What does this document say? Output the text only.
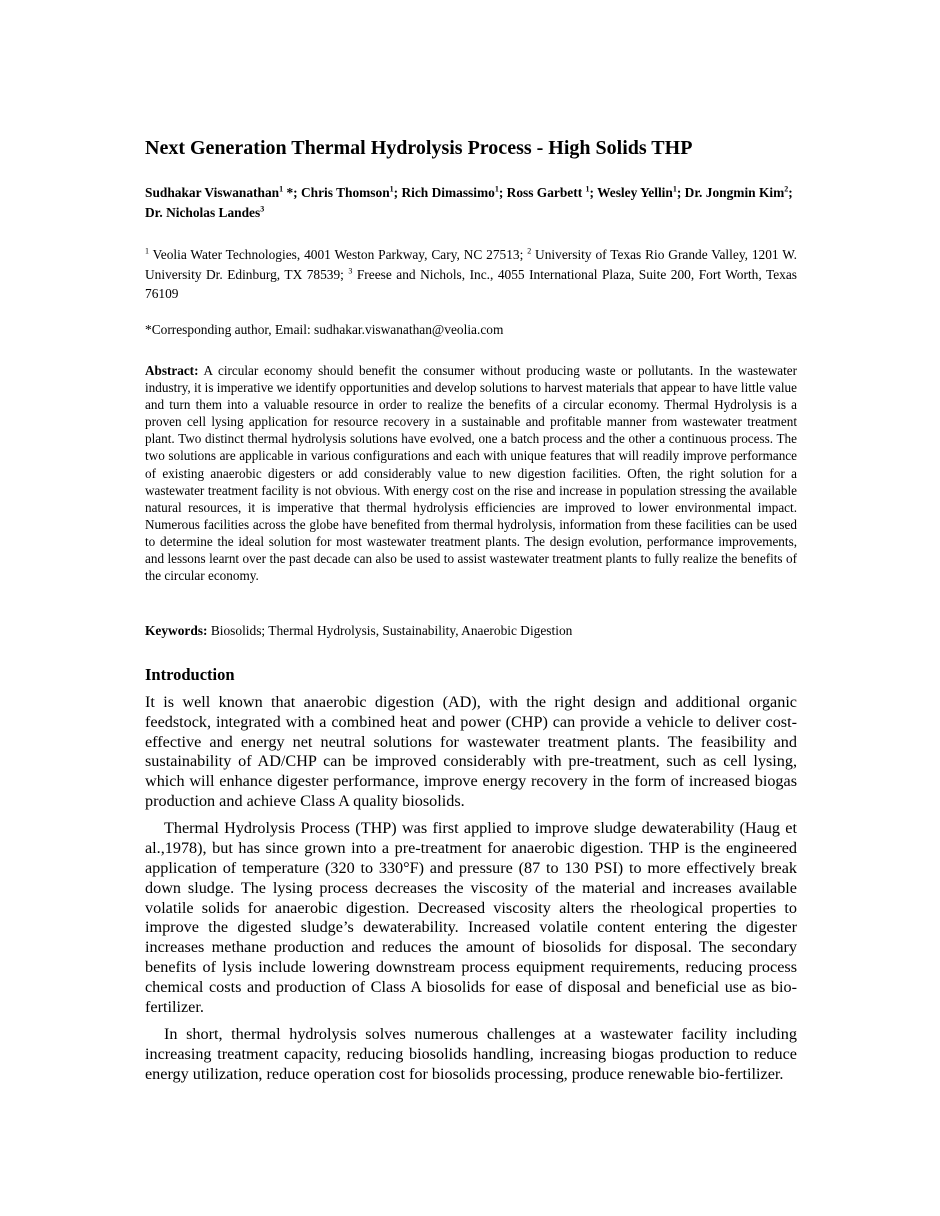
Next Generation Thermal Hydrolysis Process - High Solids THP
Sudhakar Viswanathan$^1$ *; Chris Thomson$^1$; Rich Dimassimo$^1$; Ross Garbett $^1$; Wesley Yellin$^1$; Dr. Jongmin Kim$^2$; Dr. Nicholas Landes$^3$
$^1$ Veolia Water Technologies, 4001 Weston Parkway, Cary, NC 27513; $^2$ University of Texas Rio Grande Valley, 1201 W. University Dr. Edinburg, TX 78539; $^3$ Freese and Nichols, Inc., 4055 International Plaza, Suite 200, Fort Worth, Texas 76109
*Corresponding author, Email: sudhakar.viswanathan@veolia.com
Abstract: A circular economy should benefit the consumer without producing waste or pollutants. In the wastewater industry, it is imperative we identify opportunities and develop solutions to harvest materials that appear to have little value and turn them into a valuable resource in order to realize the benefits of a circular economy. Thermal Hydrolysis is a proven cell lysing application for resource recovery in a sustainable and profitable manner from wastewater treatment plant. Two distinct thermal hydrolysis solutions have evolved, one a batch process and the other a continuous process. The two solutions are applicable in various configurations and each with unique features that will readily improve performance of existing anaerobic digesters or add considerably value to new digestion facilities. Often, the right solution for a wastewater treatment facility is not obvious. With energy cost on the rise and increase in population stressing the available natural resources, it is imperative that thermal hydrolysis efficiencies are improved to lower environmental impact. Numerous facilities across the globe have benefited from thermal hydrolysis, information from these facilities can be used to determine the ideal solution for most wastewater treatment plants. The design evolution, performance improvements, and lessons learnt over the past decade can also be used to assist wastewater treatment plants to fully realize the benefits of the circular economy.
Keywords: Biosolids; Thermal Hydrolysis, Sustainability, Anaerobic Digestion
Introduction

It is well known that anaerobic digestion (AD), with the right design and additional organic feedstock, integrated with a combined heat and power (CHP) can provide a vehicle to deliver cost-effective and energy net neutral solutions for wastewater treatment plants. The feasibility and sustainability of AD/CHP can be improved considerably with pre-treatment, such as cell lysing, which will enhance digester performance, improve energy recovery in the form of increased biogas production and achieve Class A quality biosolids.

Thermal Hydrolysis Process (THP) was first applied to improve sludge dewaterability (Haug et al.,1978), but has since grown into a pre-treatment for anaerobic digestion. THP is the engineered application of temperature (320 to 330°F) and pressure (87 to 130 PSI) to more effectively break down sludge. The lysing process decreases the viscosity of the material and increases available volatile solids for anaerobic digestion. Decreased viscosity alters the rheological properties to improve the digested sludge’s dewaterability. Increased volatile content entering the digester increases methane production and reduces the amount of biosolids for disposal. The secondary benefits of lysis include lowering downstream process equipment requirements, reducing process chemical costs and production of Class A biosolids for ease of disposal and beneficial use as bio-fertilizer.

In short, thermal hydrolysis solves numerous challenges at a wastewater facility including increasing treatment capacity, reducing biosolids handling, increasing biogas production to reduce energy utilization, reduce operation cost for biosolids processing, produce renewable bio-fertilizer.
